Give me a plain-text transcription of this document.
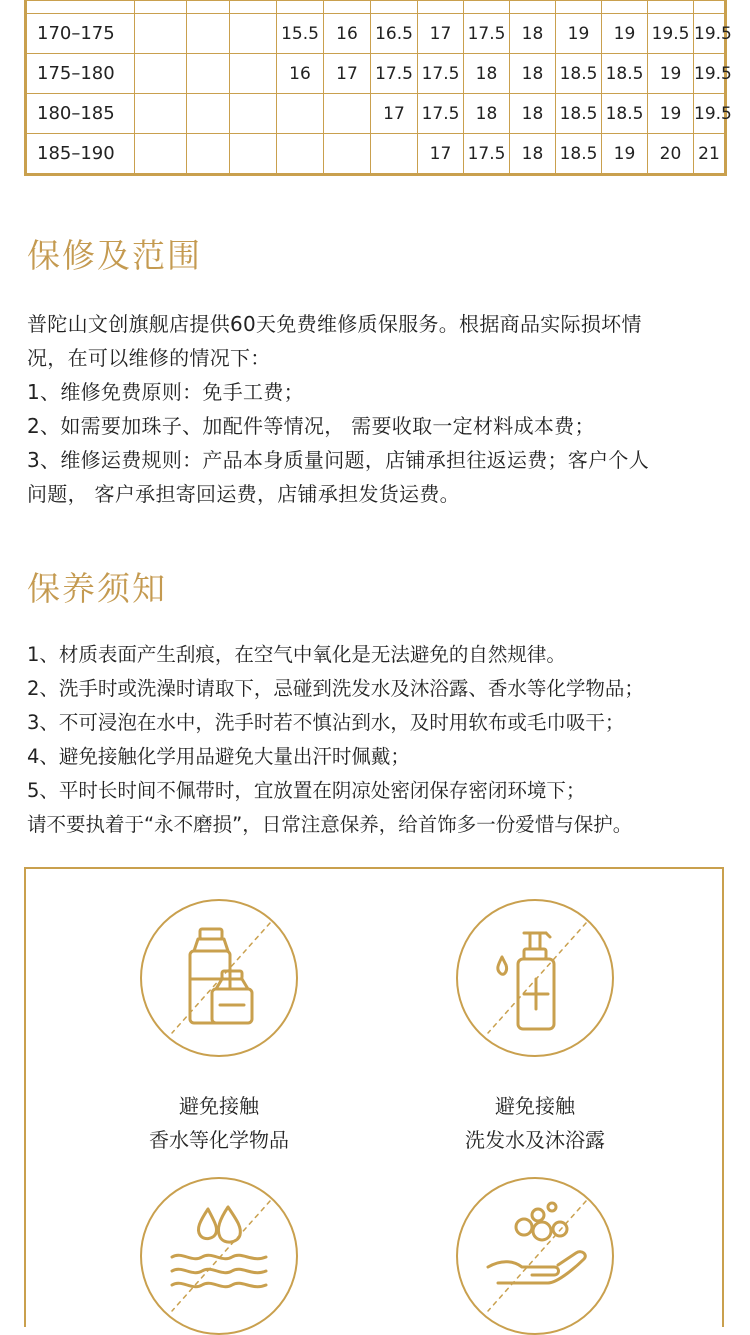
170–175				15.5	16	16.5	17	17.5	18	19	19	19.5	19.5
175–180				16	17	17.5	17.5	18	18	18.5	18.5	19	19.5
180–185						17	17.5	18	18	18.5	18.5	19	19.5
185–190							17	17.5	18	18.5	19	20	21
保修及范围
普陀山文创旗舰店提供60天免费维修质保服务。根据商品实际损坏情
况，在可以维修的情况下：
1、维修免费原则：免手工费；
2、如需要加珠子、加配件等情况， 需要收取一定材料成本费；
3、维修运费规则：产品本身质量问题，店铺承担往返运费；客户个人
问题， 客户承担寄回运费，店铺承担发货运费。
保养须知
1、材质表面产生刮痕，在空气中氧化是无法避免的自然规律。
2、洗手时或洗澡时请取下，忌碰到洗发水及沐浴露、香水等化学物品；
3、不可浸泡在水中，洗手时若不慎沾到水，及时用软布或毛巾吸干；
4、避免接触化学用品避免大量出汗时佩戴；
5、平时长时间不佩带时，宜放置在阴凉处密闭保存密闭环境下；
请不要执着于“永不磨损”，日常注意保养，给首饰多一份爱惜与保护。
避免接触
香水等化学物品
避免接触
洗发水及沐浴露
